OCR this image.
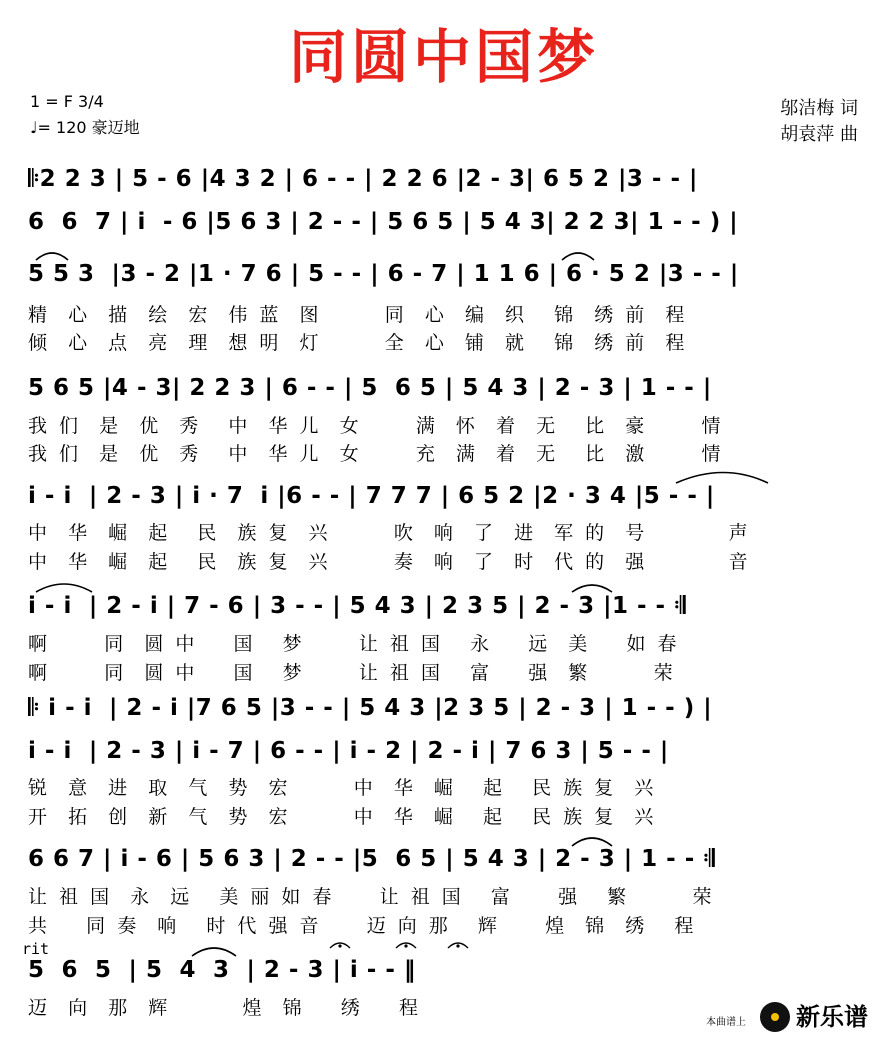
同圆中国梦
1 = F 3/4
♩= 120 豪迈地
邬洁梅 词
胡袁萍 曲
𝄆2 2 3 | 5 - 6 |4 3 2 | 6 - - | 2 2 6 |2 - 3| 6 5 2 |3 - - |
6  6  7 | i  - 6 |5 6 3 | 2 - - | 5 6 5 | 5 4 3| 2 2 3| 1 - - ) |
5 5 3  |3 - 2 |1 · 7 6 | 5 - - | 6 - 7 | 1 1 6 | 6 · 5 2 |3 - - |
精  心  描  绘  宏  伟 蓝  图       同  心  编  织   锦  绣 前  程
倾  心  点  亮  理  想 明  灯       全  心  铺  就   锦  绣 前  程
5 6 5 |4 - 3| 2 2 3 | 6 - - | 5  6 5 | 5 4 3 | 2 - 3 | 1 - - |
我 们  是  优  秀   中  华 儿  女      满  怀  着  无   比  豪      情
我 们  是  优  秀   中  华 儿  女      充  满  着  无   比  激      情
i - i  | 2 - 3 | i · 7  i |6 - - | 7 7 7 | 6 5 2 |2 · 3 4 |5 - - |
中  华  崛  起   民  族 复  兴       吹  响  了  进  军 的  号         声
中  华  崛  起   民  族 复  兴       奏  响  了  时  代 的  强         音
i - i  | 2 - i | 7 - 6 | 3 - - | 5 4 3 | 2 3 5 | 2 - 3 |1 - - 𝄇
啊      同  圆 中    国   梦      让 祖 国   永    远  美    如 春
啊      同  圆 中    国   梦      让 祖 国   富    强  繁       荣
𝄆 i - i  | 2 - i |7 6 5 |3 - - | 5 4 3 |2 3 5 | 2 - 3 | 1 - - ) |
i - i  | 2 - 3 | i - 7 | 6 - - | i - 2 | 2 - i | 7 6 3 | 5 - - |
锐  意  进  取  气  势  宏       中  华  崛   起   民 族 复  兴
开  拓  创  新  气  势  宏       中  华  崛   起   民 族 复  兴
6 6 7 | i - 6 | 5 6 3 | 2 - - |5  6 5 | 5 4 3 | 2 - 3 | 1 - - 𝄇
让 祖 国  永  远   美 丽 如 春     让 祖 国   富     强   繁       荣
共    同 奏  响   时 代 强 音     迈 向 那   辉     煌  锦  绣   程
rit
5  6  5  | 5  4  3  | 2 - 3 | i - - ‖
迈  向  那  辉        煌  锦    绣    程
本曲谱上 新乐谱
